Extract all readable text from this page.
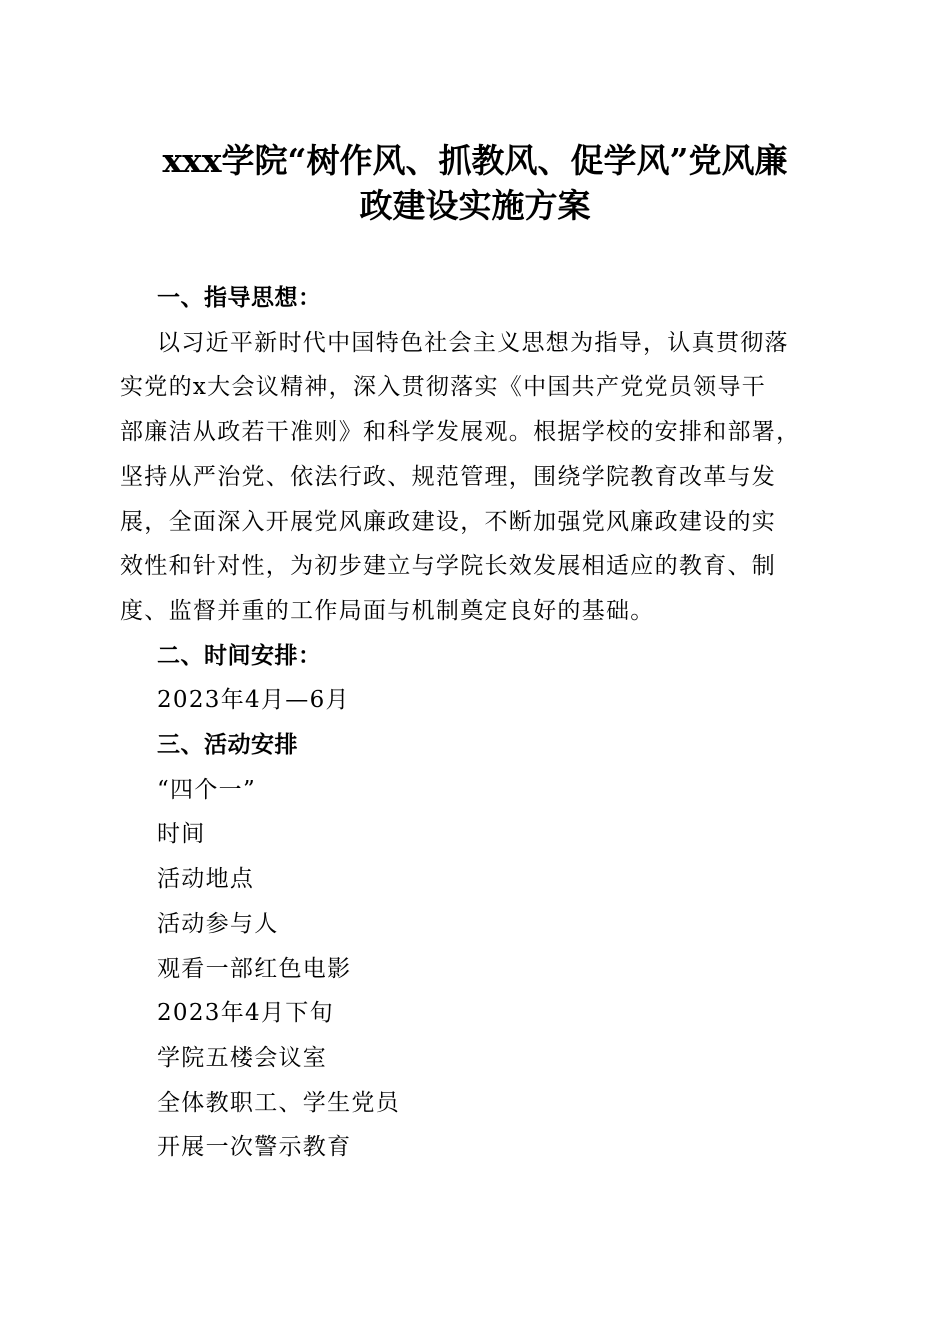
xxx学院“树作风、抓教风、促学风”党风廉
政建设实施方案
一、指导思想：
以习近平新时代中国特色社会主义思想为指导，认真贯彻落
实党的x大会议精神，深入贯彻落实《中国共产党党员领导干
部廉洁从政若干准则》和科学发展观。根据学校的安排和部署，
坚持从严治党、依法行政、规范管理，围绕学院教育改革与发
展，全面深入开展党风廉政建设，不断加强党风廉政建设的实
效性和针对性，为初步建立与学院长效发展相适应的教育、制
度、监督并重的工作局面与机制奠定良好的基础。
二、时间安排：
2023年4月—6月
三、活动安排
“四个一”
时间
活动地点
活动参与人
观看一部红色电影
2023年4月下旬
学院五楼会议室
全体教职工、学生党员
开展一次警示教育
